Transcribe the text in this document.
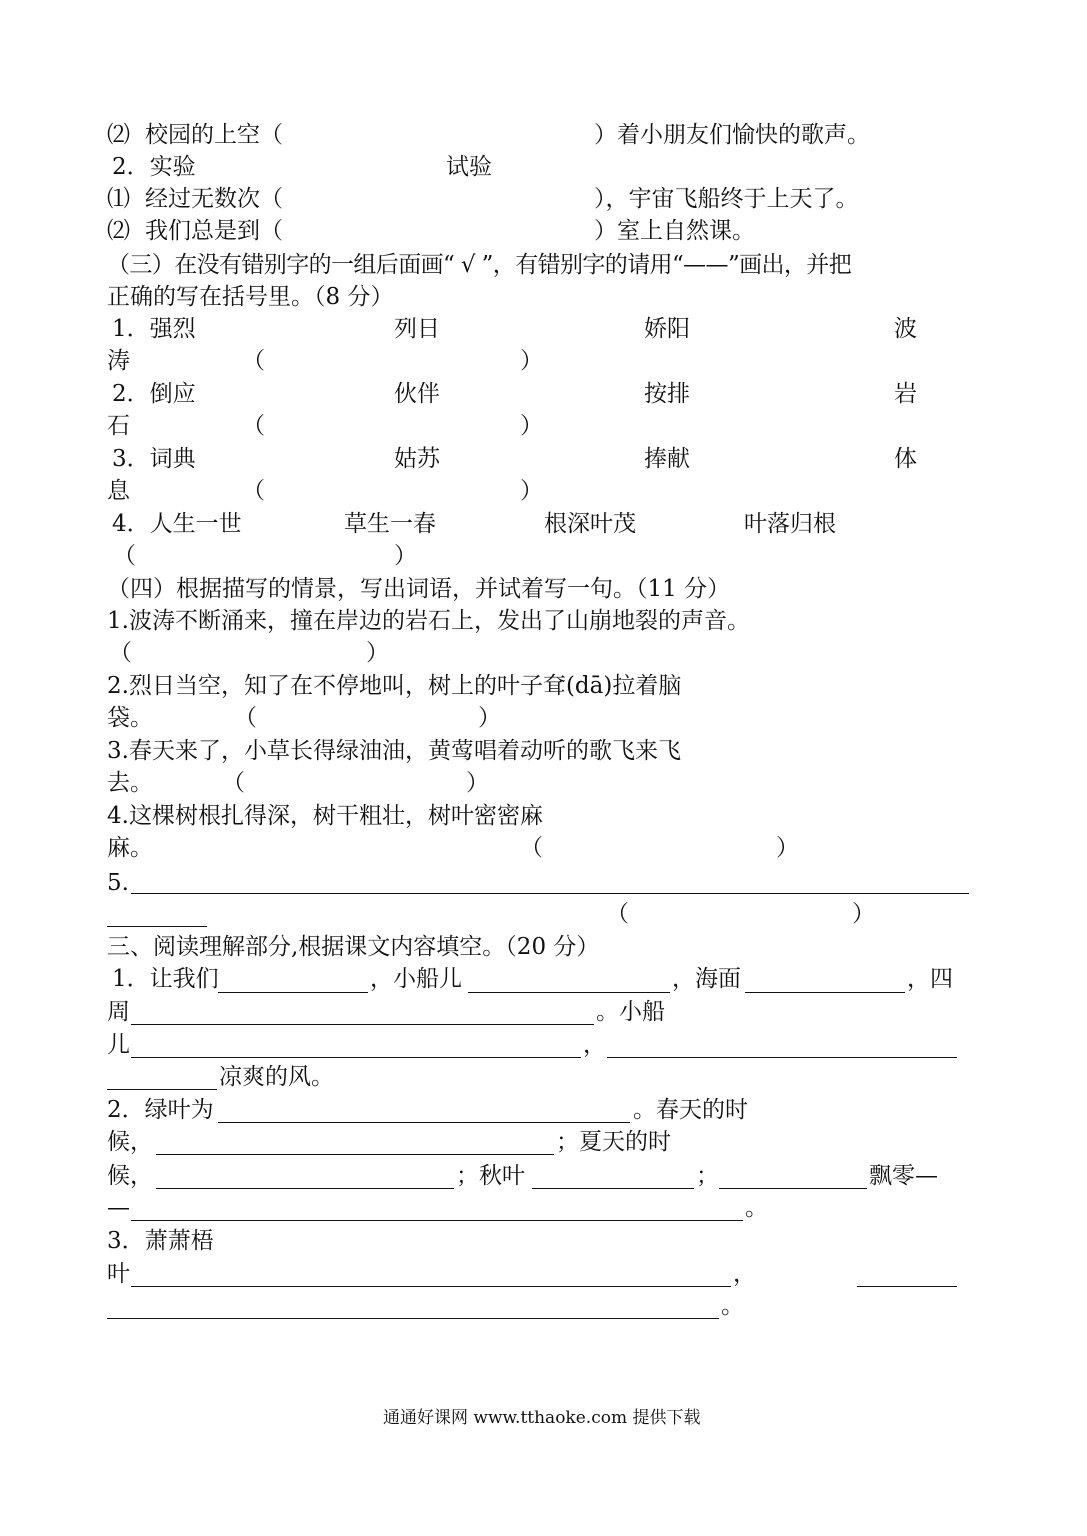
⑵ 校园的上空（	）着小朋友们愉快的歌声。
2．实验	试验
⑴ 经过无数次（	），宇宙飞船终于上天了。
⑵ 我们总是到（	）室上自然课。
（三）在没有错别字的一组后面画“ √ ”，有错别字的请用“——”画出，并把
正确的写在括号里。（8 分）
1．强烈	列日	娇阳	波
涛	（	）
2．倒应	伙伴	按排	岩
石	（	）
3．词典	姑苏	捧献	体
息	（	）
4．人生一世	草生一春	根深叶茂	叶落归根
（	）
（四）根据描写的情景，写出词语，并试着写一句。（11 分）
1.波涛不断涌来，撞在岸边的岩石上，发出了山崩地裂的声音。
（	）
2.烈日当空，知了在不停地叫，树上的叶子耷(dā)拉着脑
袋。	（	）
3.春天来了，小草长得绿油油，黄莺唱着动听的歌飞来飞
去。	（	）
4.这棵树根扎得深，树干粗壮，树叶密密麻
麻。	（	）
5.
（	）
三、阅读理解部分,根据课文内容填空。（20 分）
1．让我们	，小船儿	，海面	，四
周	。小船
儿	，
凉爽的风。
2．绿叶为	。春天的时
候，	；夏天的时
候，	；秋叶	；	飘零—
—	。
3．萧萧梧
叶	，
。
通通好课网 www.tthaoke.com 提供下载
